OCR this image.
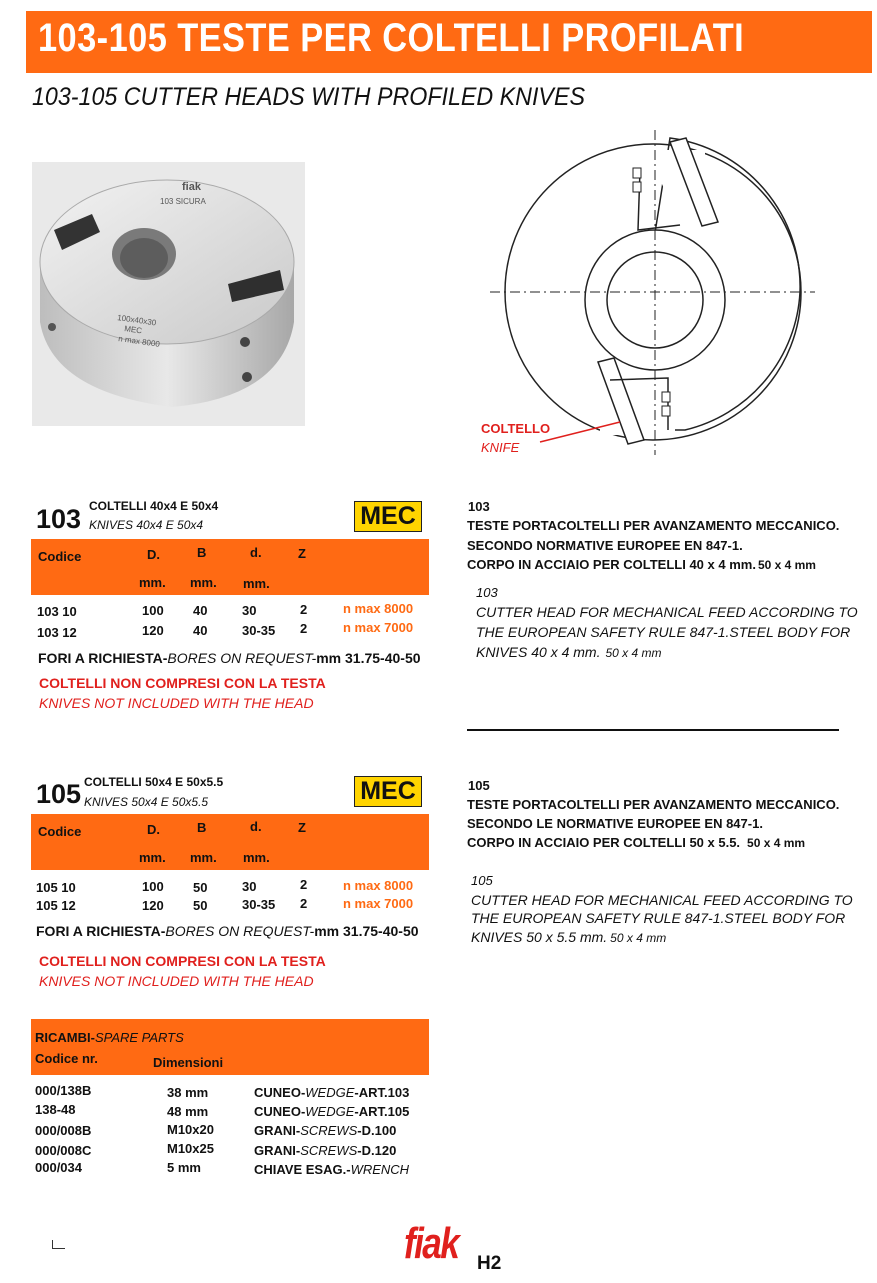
103-105 TESTE PER COLTELLI PROFILATI
103-105 CUTTER HEADS WITH PROFILED KNIVES
fiak
103 SICURA
100x40x30
MEC
n max 8000
COLTELLO
KNIFE
103 COLTELLI 40x4 E 50x4
KNIVES 40x4 E 50x4	MEC
Codice	D.	B	d.	Z
mm. mm. mm.
103 10	100 40	30	2	n max 8000
103 12	120 40	30-35 2	n max 7000
FORI A RICHIESTA-BORES ON REQUEST-mm 31.75-40-50
COLTELLI NON COMPRESI CON LA TESTA
KNIVES NOT INCLUDED WITH THE HEAD
103
TESTE PORTACOLTELLI PER AVANZAMENTO MECCANICO.
SECONDO NORMATIVE EUROPEE EN 847-1.
CORPO IN ACCIAIO PER COLTELLI 40 x 4 mm. 50 x 4 mm
103
CUTTER HEAD FOR MECHANICAL FEED ACCORDING TO
THE EUROPEAN SAFETY RULE 847-1.STEEL BODY FOR
KNIVES 40 x 4 mm. 50 x 4 mm
105 COLTELLI 50x4 E 50x5.5
KNIVES 50x4 E 50x5.5	MEC
Codice	D.	B	d.	Z
mm. mm. mm.
105 10	100 50	30	2	n max 8000
105 12	120 50	30-35 2	n max 7000
FORI A RICHIESTA-BORES ON REQUEST-mm 31.75-40-50
COLTELLI NON COMPRESI CON LA TESTA
KNIVES NOT INCLUDED WITH THE HEAD
105
TESTE PORTACOLTELLI PER AVANZAMENTO MECCANICO.
SECONDO LE NORMATIVE EUROPEE EN 847-1.
CORPO IN ACCIAIO PER COLTELLI 50 x 5.5. 50 x 4 mm
105
CUTTER HEAD FOR MECHANICAL FEED ACCORDING TO
THE EUROPEAN SAFETY RULE 847-1.STEEL BODY FOR
KNIVES 50 x 5.5 mm. 50 x 4 mm
RICAMBI-SPARE PARTS
Codice nr.	Dimensioni
000/138B	38 mm	CUNEO-WEDGE-ART.103
138-48	48 mm	CUNEO-WEDGE-ART.105
000/008B	M10x20	GRANI-SCREWS-D.100
000/008C	M10x25	GRANI-SCREWS-D.120
000/034	5 mm	CHIAVE ESAG.-WRENCH
fiak H2
